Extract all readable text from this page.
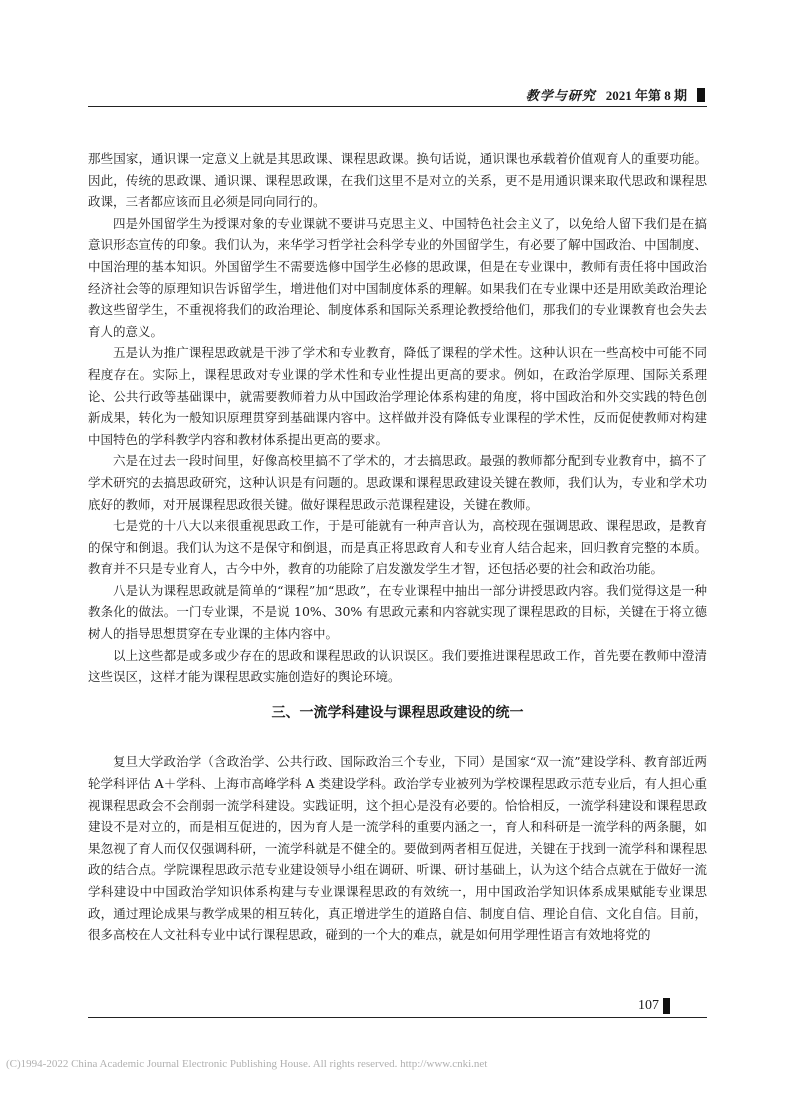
教学与研究 2021 年第 8 期

那些国家，通识课一定意义上就是其思政课、课程思政课。换句话说，通识课也承载着价值观育人的重要功能。因此，传统的思政课、通识课、课程思政课，在我们这里不是对立的关系，更不是用通识课来取代思政和课程思政课，三者都应该而且必须是同向同行的。

四是外国留学生为授课对象的专业课就不要讲马克思主义、中国特色社会主义了，以免给人留下我们是在搞意识形态宣传的印象。我们认为，来华学习哲学社会科学专业的外国留学生，有必要了解中国政治、中国制度、中国治理的基本知识。外国留学生不需要选修中国学生必修的思政课，但是在专业课中，教师有责任将中国政治经济社会等的原理知识告诉留学生，增进他们对中国制度体系的理解。如果我们在专业课中还是用欧美政治理论教这些留学生，不重视将我们的政治理论、制度体系和国际关系理论教授给他们，那我们的专业课教育也会失去育人的意义。

五是认为推广课程思政就是干涉了学术和专业教育，降低了课程的学术性。这种认识在一些高校中可能不同程度存在。实际上，课程思政对专业课的学术性和专业性提出更高的要求。例如，在政治学原理、国际关系理论、公共行政等基础课中，就需要教师着力从中国政治学理论体系构建的角度，将中国政治和外交实践的特色创新成果，转化为一般知识原理贯穿到基础课内容中。这样做并没有降低专业课程的学术性，反而促使教师对构建中国特色的学科教学内容和教材体系提出更高的要求。

六是在过去一段时间里，好像高校里搞不了学术的，才去搞思政。最强的教师都分配到专业教育中，搞不了学术研究的去搞思政研究，这种认识是有问题的。思政课和课程思政建设关键在教师，我们认为，专业和学术功底好的教师，对开展课程思政很关键。做好课程思政示范课程建设，关键在教师。

七是党的十八大以来很重视思政工作，于是可能就有一种声音认为，高校现在强调思政、课程思政，是教育的保守和倒退。我们认为这不是保守和倒退，而是真正将思政育人和专业育人结合起来，回归教育完整的本质。教育并不只是专业育人，古今中外，教育的功能除了启发激发学生才智，还包括必要的社会和政治功能。

八是认为课程思政就是简单的“课程”加“思政”，在专业课程中抽出一部分讲授思政内容。我们觉得这是一种教条化的做法。一门专业课，不是说 10%、30% 有思政元素和内容就实现了课程思政的目标，关键在于将立德树人的指导思想贯穿在专业课的主体内容中。

以上这些都是或多或少存在的思政和课程思政的认识误区。我们要推进课程思政工作，首先要在教师中澄清这些误区，这样才能为课程思政实施创造好的舆论环境。

三、一流学科建设与课程思政建设的统一

复旦大学政治学（含政治学、公共行政、国际政治三个专业，下同）是国家“双一流”建设学科、教育部近两轮学科评估 A＋学科、上海市高峰学科 A 类建设学科。政治学专业被列为学校课程思政示范专业后，有人担心重视课程思政会不会削弱一流学科建设。实践证明，这个担心是没有必要的。恰恰相反，一流学科建设和课程思政建设不是对立的，而是相互促进的，因为育人是一流学科的重要内涵之一，育人和科研是一流学科的两条腿，如果忽视了育人而仅仅强调科研，一流学科就是不健全的。要做到两者相互促进，关键在于找到一流学科和课程思政的结合点。学院课程思政示范专业建设领导小组在调研、听课、研讨基础上，认为这个结合点就在于做好一流学科建设中中国政治学知识体系构建与专业课课程思政的有效统一，用中国政治学知识体系成果赋能专业课思政，通过理论成果与教学成果的相互转化，真正增进学生的道路自信、制度自信、理论自信、文化自信。目前，很多高校在人文社科专业中试行课程思政，碰到的一个大的难点，就是如何用学理性语言有效地将党的

107
(C)1994-2022 China Academic Journal Electronic Publishing House. All rights reserved. http://www.cnki.net
